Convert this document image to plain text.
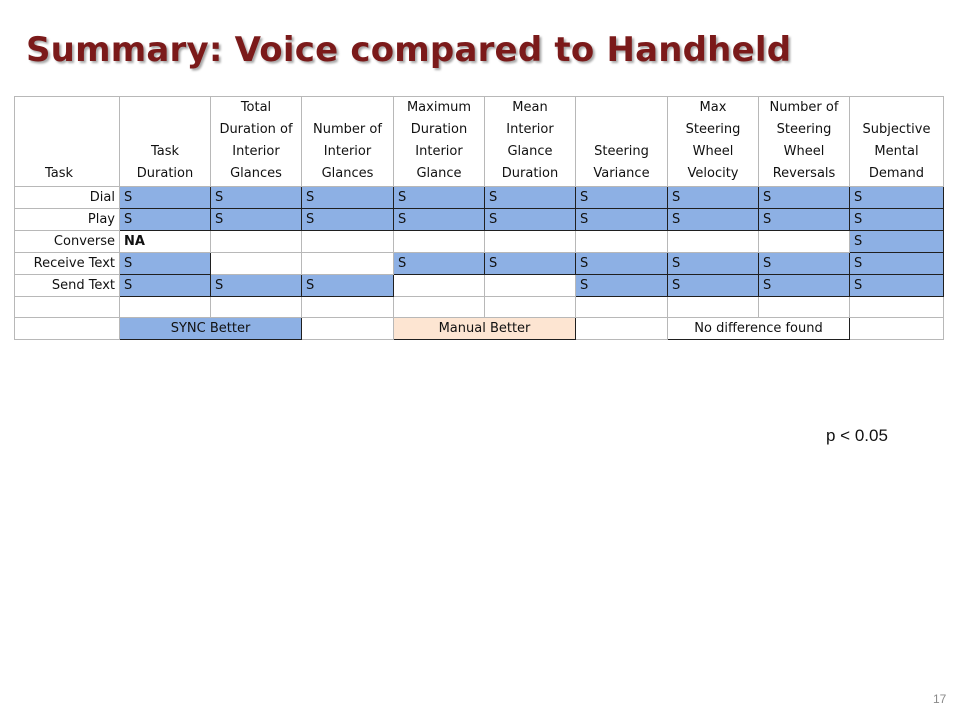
Summary: Voice compared to Handheld
Task	Task Duration	Total Duration of Interior Glances	Number of Interior Glances	Maximum Duration Interior Glance	Mean Interior Glance Duration	Steering Variance	Max Steering Wheel Velocity	Number of Steering Wheel Reversals	Subjective Mental Demand
Dial	S	S	S	S	S	S	S	S	S
Play	S	S	S	S	S	S	S	S	S
Converse	NA								S
Receive Text	S			S	S	S	S	S	S
Send Text	S	S	S			S	S	S	S

	SYNC Better			Manual Better			No difference found		
p < 0.05
17
